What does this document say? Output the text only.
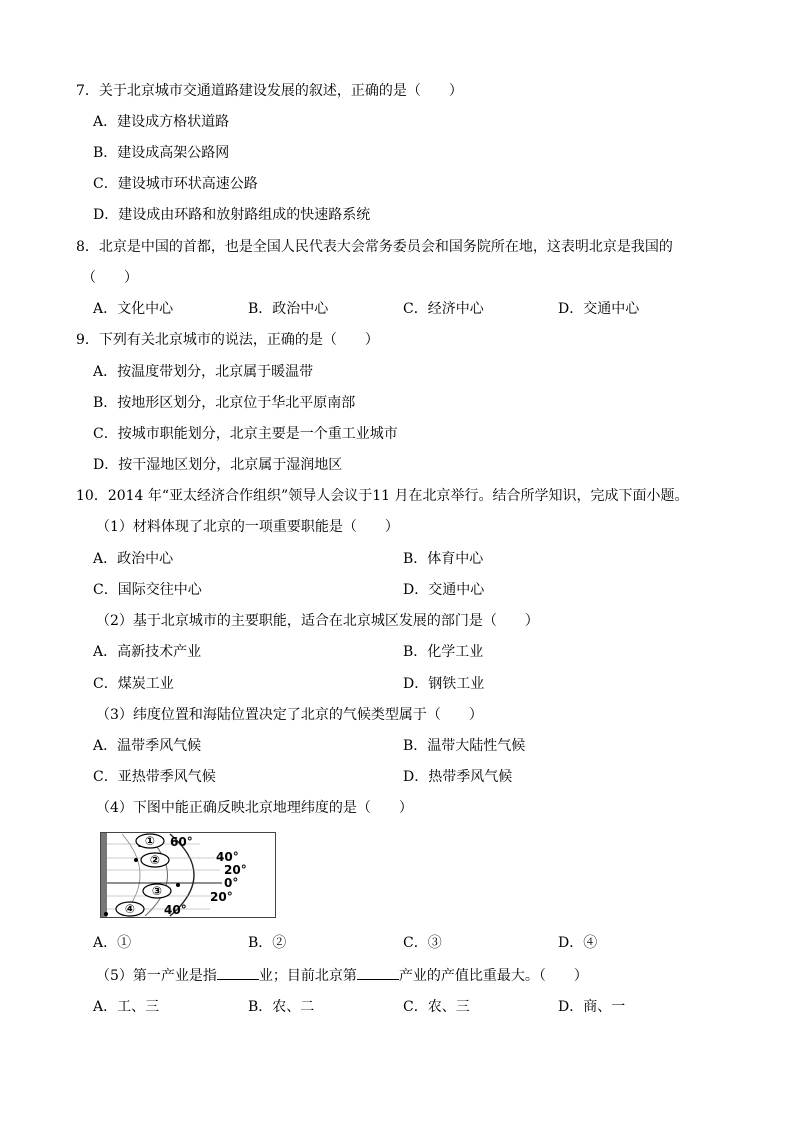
7．关于北京城市交通道路建设发展的叙述，正确的是（　　）
A．建设成方格状道路
B．建设成高架公路网
C．建设城市环状高速公路
D．建设成由环路和放射路组成的快速路系统
8．北京是中国的首都，也是全国人民代表大会常务委员会和国务院所在地，这表明北京是我国的
（　　）
A．文化中心	B．政治中心	C．经济中心	D．交通中心
9．下列有关北京城市的说法，正确的是（　　）
A．按温度带划分，北京属于暖温带
B．按地形区划分，北京位于华北平原南部
C．按城市职能划分，北京主要是一个重工业城市
D．按干湿地区划分，北京属于湿润地区
10．2014 年“亚太经济合作组织”领导人会议于11 月在北京举行。结合所学知识，完成下面小题。
（1）材料体现了北京的一项重要职能是（　　）
A．政治中心	B．体育中心
C．国际交往中心	D．交通中心
（2）基于北京城市的主要职能，适合在北京城区发展的部门是（　　）
A．高新技术产业	B．化学工业
C．煤炭工业	D．钢铁工业
（3）纬度位置和海陆位置决定了北京的气候类型属于（　　）
A．温带季风气候	B．温带大陆性气候
C．亚热带季风气候	D．热带季风气候
（4）下图中能正确反映北京地理纬度的是（　　）
①
②
③
④
60°
40°
20°
0°
20°
40°
A．①	B．②	C．③	D．④
（5）第一产业是指	业；目前北京第	产业的产值比重最大。（　　）
A．工、三	B．农、二	C．农、三	D．商、一
